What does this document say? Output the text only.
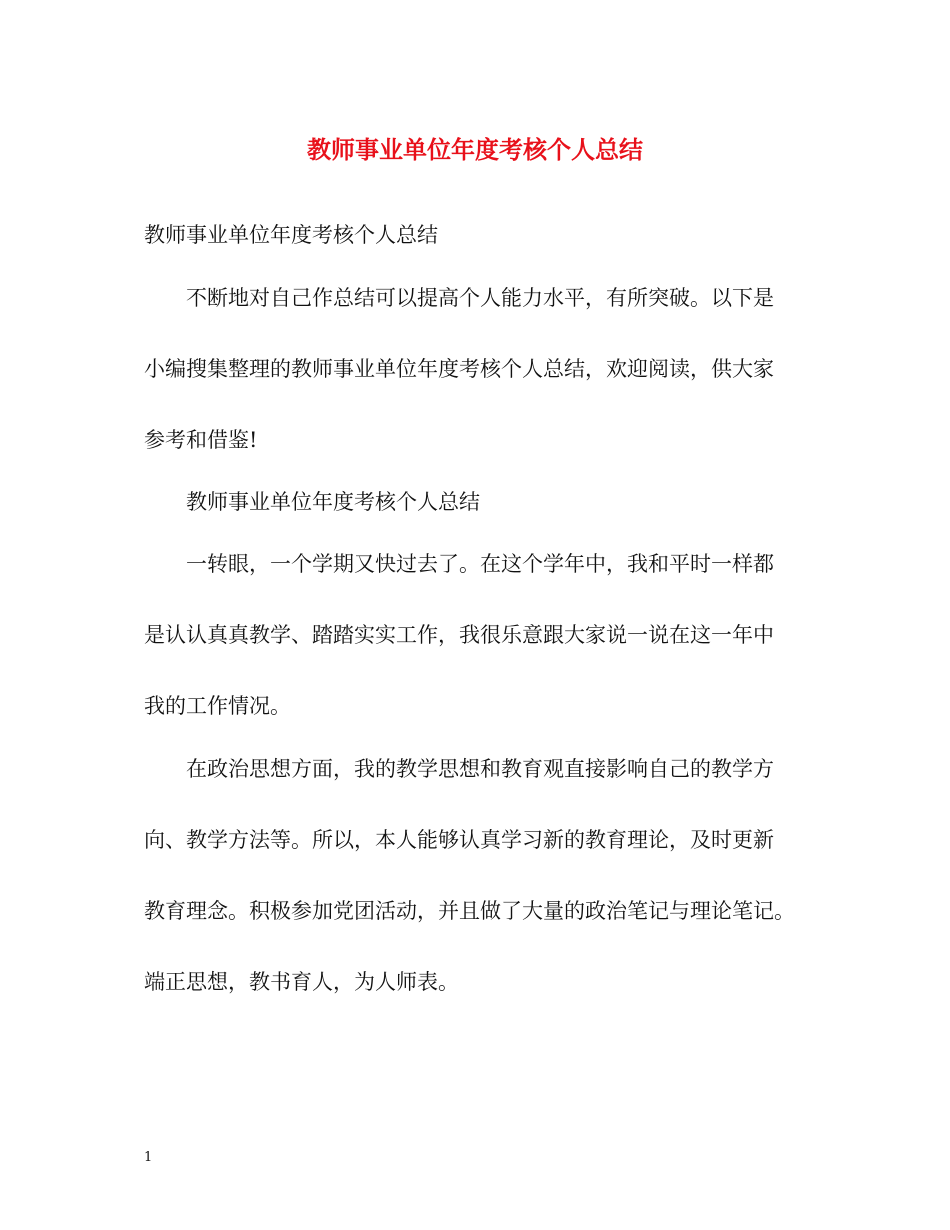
教师事业单位年度考核个人总结

教师事业单位年度考核个人总结

不断地对自己作总结可以提高个人能力水平，有所突破。以下是

小编搜集整理的教师事业单位年度考核个人总结，欢迎阅读，供大家

参考和借鉴!

教师事业单位年度考核个人总结

一转眼，一个学期又快过去了。在这个学年中，我和平时一样都

是认认真真教学、踏踏实实工作，我很乐意跟大家说一说在这一年中

我的工作情况。

在政治思想方面，我的教学思想和教育观直接影响自己的教学方

向、教学方法等。所以，本人能够认真学习新的教育理论，及时更新

教育理念。积极参加党团活动，并且做了大量的政治笔记与理论笔记。

端正思想，教书育人，为人师表。

1
